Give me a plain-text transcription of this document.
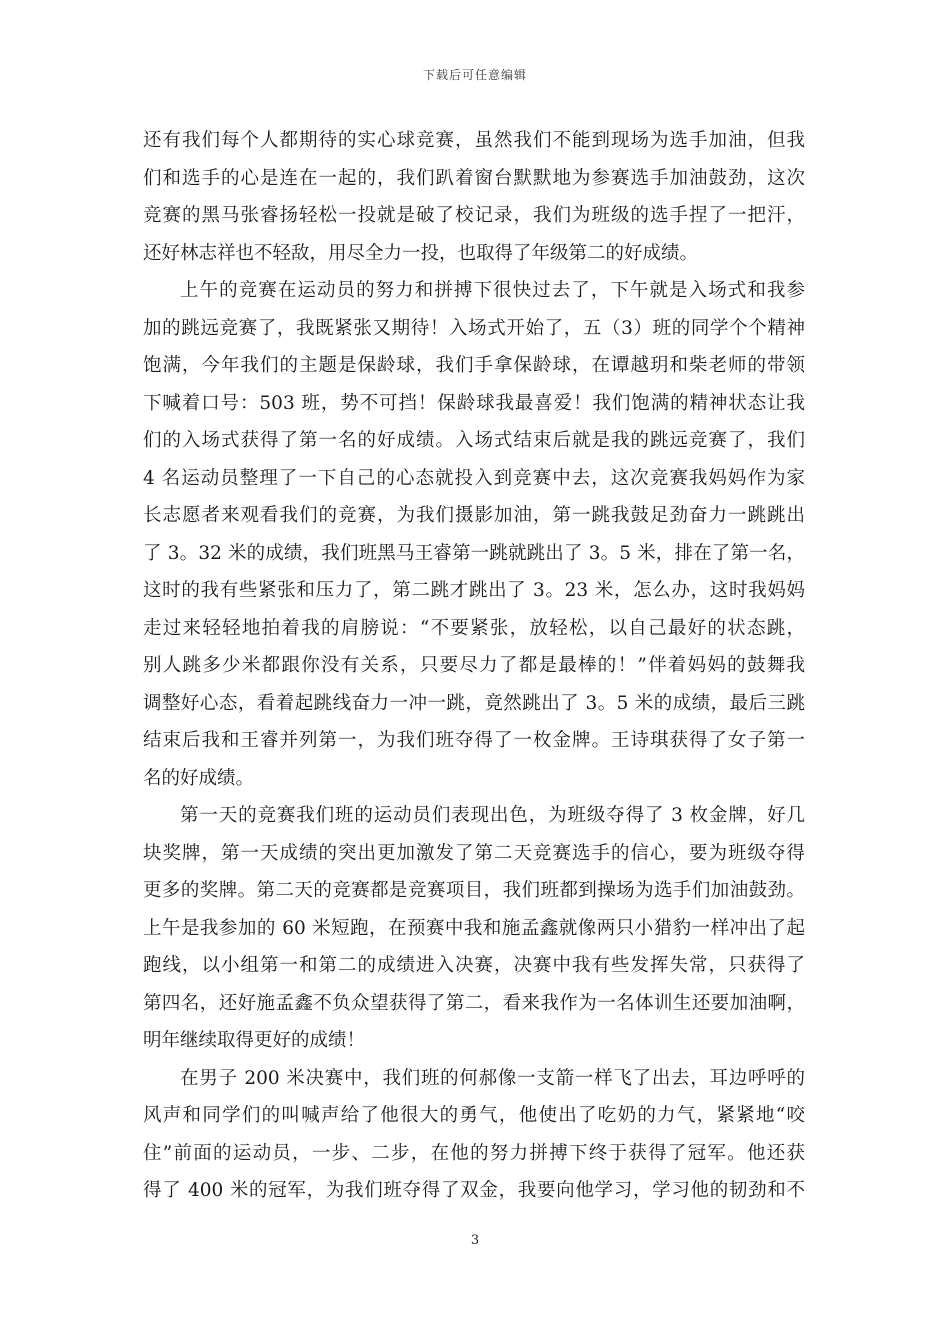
下载后可任意编辑
还有我们每个人都期待的实心球竞赛，虽然我们不能到现场为选手加油，但我
们和选手的心是连在一起的，我们趴着窗台默默地为参赛选手加油鼓劲，这次
竞赛的黑马张睿扬轻松一投就是破了校记录，我们为班级的选手捏了一把汗，
还好林志祥也不轻敌，用尽全力一投，也取得了年级第二的好成绩。
上午的竞赛在运动员的努力和拼搏下很快过去了，下午就是入场式和我参
加的跳远竞赛了，我既紧张又期待！入场式开始了，五（3）班的同学个个精神
饱满，今年我们的主题是保龄球，我们手拿保龄球，在谭越玥和柴老师的带领
下喊着口号：503 班，势不可挡！保龄球我最喜爱！我们饱满的精神状态让我
们的入场式获得了第一名的好成绩。入场式结束后就是我的跳远竞赛了，我们
4 名运动员整理了一下自己的心态就投入到竞赛中去，这次竞赛我妈妈作为家
长志愿者来观看我们的竞赛，为我们摄影加油，第一跳我鼓足劲奋力一跳跳出
了 3。32 米的成绩，我们班黑马王睿第一跳就跳出了 3。5 米，排在了第一名，
这时的我有些紧张和压力了，第二跳才跳出了 3。23 米，怎么办，这时我妈妈
走过来轻轻地拍着我的肩膀说：“不要紧张，放轻松，以自己最好的状态跳，
别人跳多少米都跟你没有关系，只要尽力了都是最棒的！”伴着妈妈的鼓舞我
调整好心态，看着起跳线奋力一冲一跳，竟然跳出了 3。5 米的成绩，最后三跳
结束后我和王睿并列第一，为我们班夺得了一枚金牌。王诗琪获得了女子第一
名的好成绩。
第一天的竞赛我们班的运动员们表现出色，为班级夺得了 3 枚金牌，好几
块奖牌，第一天成绩的突出更加激发了第二天竞赛选手的信心，要为班级夺得
更多的奖牌。第二天的竞赛都是竞赛项目，我们班都到操场为选手们加油鼓劲。
上午是我参加的 60 米短跑，在预赛中我和施孟鑫就像两只小猎豹一样冲出了起
跑线，以小组第一和第二的成绩进入决赛，决赛中我有些发挥失常，只获得了
第四名，还好施孟鑫不负众望获得了第二，看来我作为一名体训生还要加油啊，
明年继续取得更好的成绩！
在男子 200 米决赛中，我们班的何郝像一支箭一样飞了出去，耳边呼呼的
风声和同学们的叫喊声给了他很大的勇气，他使出了吃奶的力气，紧紧地“咬
住”前面的运动员，一步、二步，在他的努力拼搏下终于获得了冠军。他还获
得了 400 米的冠军，为我们班夺得了双金，我要向他学习，学习他的韧劲和不
3
